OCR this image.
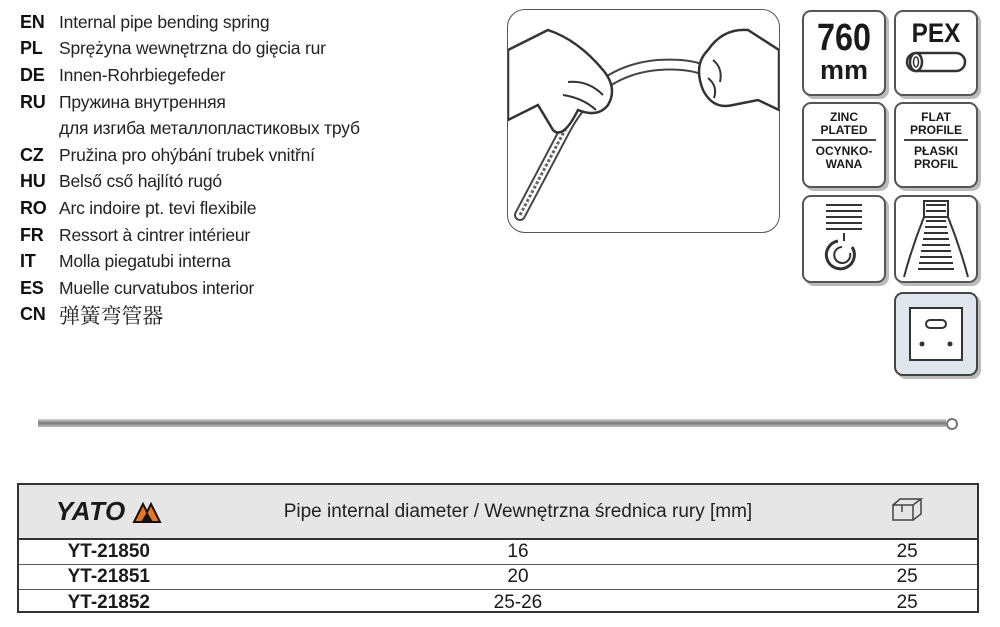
EN Internal pipe bending spring
PL Sprężyna wewnętrzna do gięcia rur
DE Innen-Rohrbiegefeder
RU Пружина внутренняя
для изгиба металлопластиковых труб
CZ Pružina pro ohýbání trubek vnitřní
HU Belső cső hajlító rugó
RO Arc indoire pt. tevi flexibile
FR Ressort à cintrer intérieur
IT	Molla piegatubi interna
ES Muelle curvatubos interior
CN 弹簧弯管器
760
mm
PEX
ZINC
PLATED
OCYNKO-
WANA
FLAT
PROFILE
PŁASKI
PROFIL
YATO	Pipe internal diameter / Wewnętrzna średnica rury [mm]
YT-21850	16	25
YT-21851	20	25
YT-21852	25-26	25
